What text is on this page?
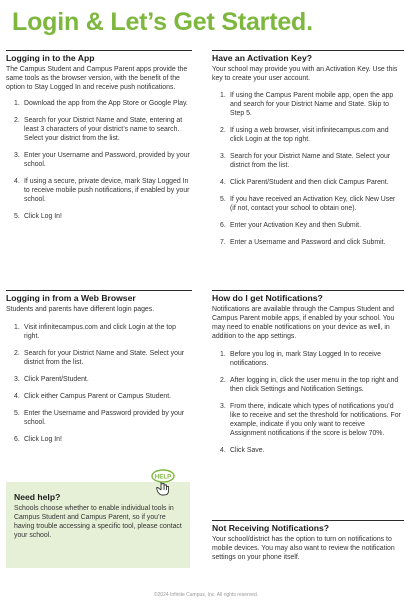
Login & Let’s Get Started.
Logging in to the App

The Campus Student and Campus Parent apps provide the same tools as the browser version, with the benefit of the option to Stay Logged In and receive push notifications.

1. Download the app from the App Store or Google Play.
2. Search for your District Name and State, entering at least 3 characters of your district’s name to search. Select your district from the list.
3. Enter your Username and Password, provided by your school.
4. If using a secure, private device, mark Stay Logged In to receive mobile push notifications, if enabled by your school.
5. Click Log In!
Logging in from a Web Browser

Students and parents have different login pages.

1. Visit infinitecampus.com and click Login at the top right.
2. Search for your District Name and State. Select your district from the list.
3. Click Parent/Student.
4. Click either Campus Parent or Campus Student.
5. Enter the Username and Password provided by your school.
6. Click Log In!
Need help?

Schools choose whether to enable individual tools in Campus Student and Campus Parent, so if you’re having trouble accessing a specific tool, please contact your school.

HELP
Have an Activation Key?

Your school may provide you with an Activation Key. Use this key to create your user account.

1. If using the Campus Parent mobile app, open the app and search for your District Name and State. Skip to Step 5.
2. If using a web browser, visit infinitecampus.com and click Login at the top right.
3. Search for your District Name and State. Select your district from the list.
4. Click Parent/Student and then click Campus Parent.
5. If you have received an Activation Key, click New User (if not, contact your school to obtain one).
6. Enter your Activation Key and then Submit.
7. Enter a Username and Password and click Submit.
How do I get Notifications?

Notifications are available through the Campus Student and Campus Parent mobile apps, if enabled by your school. You may need to enable notifications on your device as well, in addition to the app settings.

1. Before you log in, mark Stay Logged In to receive notifications.
2. After logging in, click the user menu in the top right and then click Settings and Notification Settings.
3. From there, indicate which types of notifications you’d like to receive and set the threshold for notifications. For example, indicate if you only want to receive Assignment notifications if the score is below 70%.
4. Click Save.
Not Receiving Notifications?

Your school/district has the option to turn on notifications to mobile devices. You may also want to review the notification settings on your phone itself.

©2024 Infinite Campus, Inc. All rights reserved.
